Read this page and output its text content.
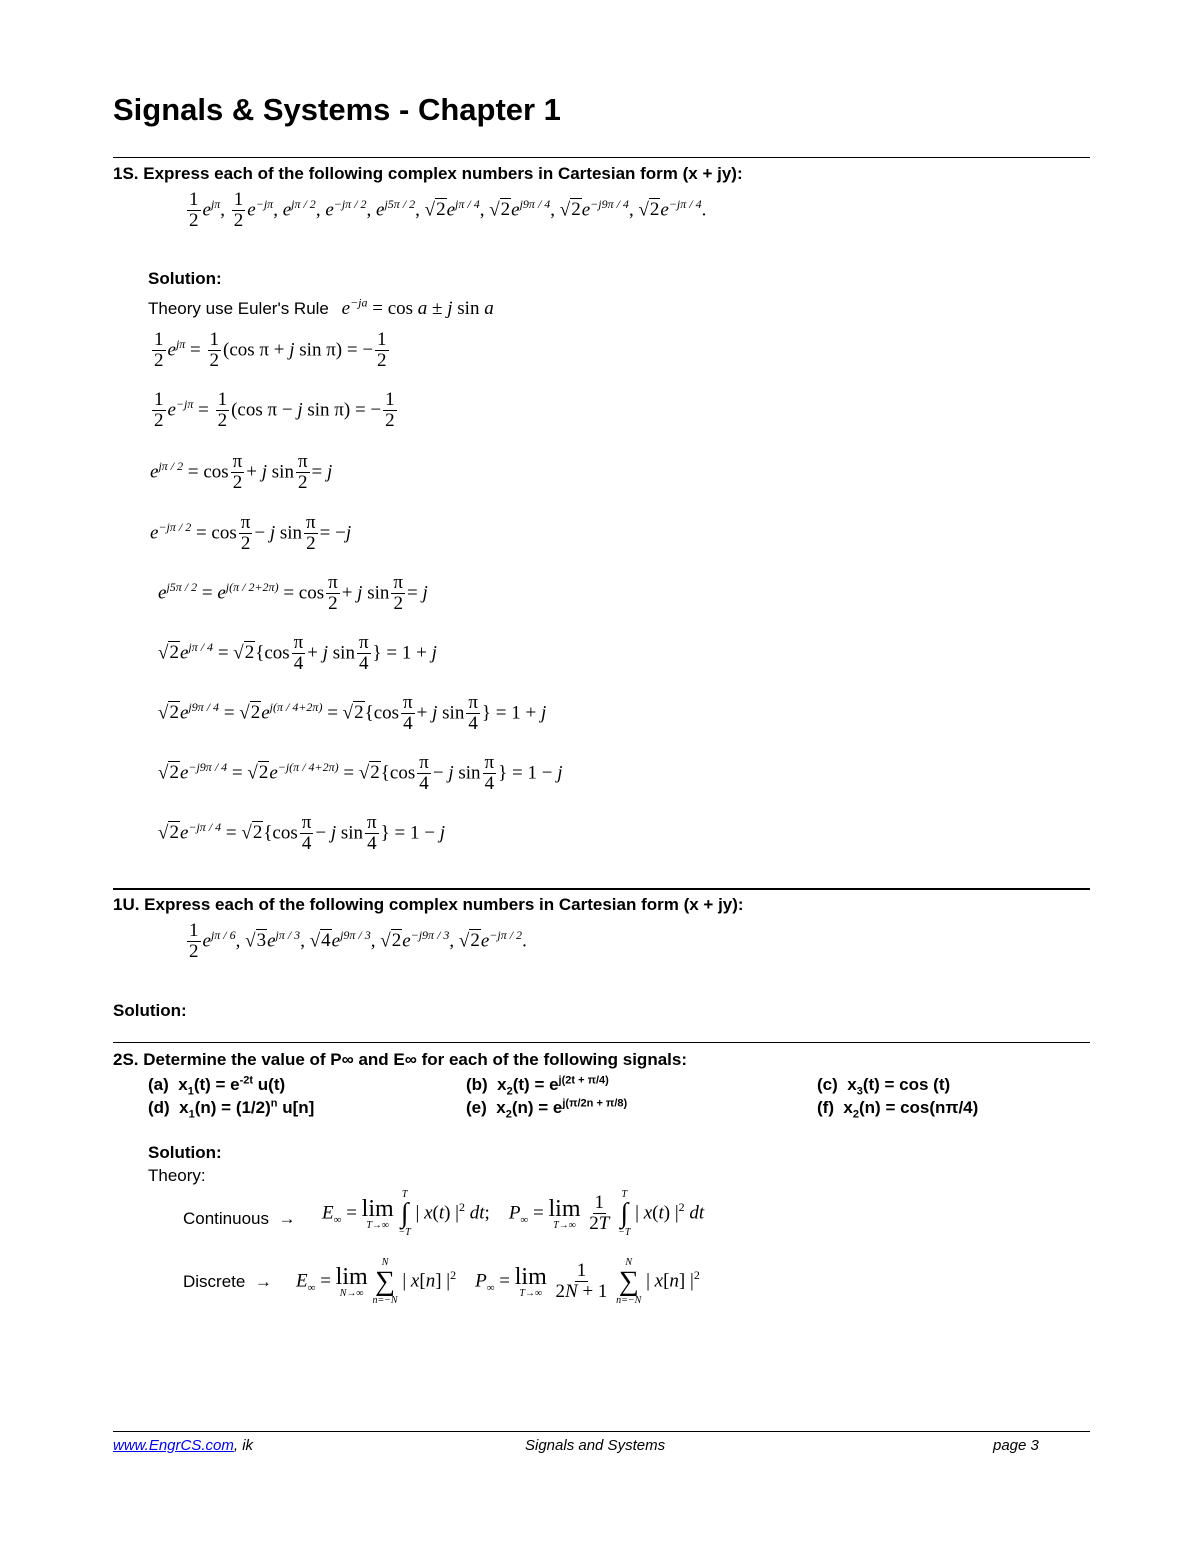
Signals & Systems - Chapter 1
1S. Express each of the following complex numbers in Cartesian form (x + jy):
$\frac{1}{2} e^{j\pi}$, $\frac{1}{2} e^{-j\pi}$, $e^{j\pi / 2}$, $e^{-j\pi / 2}$, $e^{j5\pi / 2}$, $√2e^{j\pi / 4}$, $√2e^{j9\pi / 4}$, $√2e^{-j9\pi / 4}$, $√2e^{-j\pi / 4}$.
Solution:
Theory use Euler's Rule $e^{-ja} = \cos a \pm j$ sin a
$\frac{1}{2} e^{j\pi} = \frac{1}{2} (\cos$ π + j sin π) = − $\frac{1}{2}$
$\frac{1}{2} e^{-j\pi} = \frac{1}{2} (\cos$ π − j sin π) = − $\frac{1}{2}$
$e^{j\pi / 2} = \cos \frac{\pi}{2} + j$ $\sin \frac{\pi}{2} = j$
$e^{-j\pi / 2} = \cos \frac{\pi}{2} - j$ $\sin \frac{\pi}{2} = -j$
$e^{j5\pi / 2} = e^{j(\pi / 2+2\pi)} = \cos \frac{\pi}{2} + j$ $\sin \frac{\pi}{2} = j$
$√2e^{j\pi / 4} = √2\{\cos \frac{\pi}{4} + j$ $\sin \frac{\pi}{4}$ } = 1 + j
$√2e^{j9\pi / 4} = √2e^{j(\pi / 4+2\pi)} = √2\{\cos \frac{\pi}{4} + j$ $\sin \frac{\pi}{4}$ } = 1 + j
$√2e^{-j9\pi / 4} = √2e^{-j(\pi / 4+2\pi)} = √2\{\cos \frac{\pi}{4} - j$ $\sin \frac{\pi}{4}$ } = 1 − j
$√2e^{-j\pi / 4} = √2\{\cos \frac{\pi}{4} - j$ $\sin \frac{\pi}{4}$ } = 1 − j
1U. Express each of the following complex numbers in Cartesian form (x + jy):
$\frac{1}{2} e^{j\pi / 6}$, $√3e^{j\pi / 3}$, $√4e^{j9\pi / 3}$, $√2e^{-j9\pi / 3}$, $√2e^{-j\pi / 2}$.
Solution:
2S. Determine the value of P∞ and E∞ for each of the following signals:
(a)  $x_1(t) = e^{-2t}$ u(t)	(b)  $x_2(t) = e^{j(2t + \pi/4)}$	(c)  $x_3(t) = \cos (t)$
(d)  $x_1(n) = (1/2)^n$ u[n]	(e)  $x_2(n) = e^{j(\pi/2n + \pi/8)}$	(f)  $x_2(n) = \cos(n\pi/4)$
Solution:
Theory:
Continuous → $E_\infty = \lim$
T→∞

T
∫
−T
| x(t) $|^2$ dt;    $P_\infty = \lim$
T→∞
$\frac{1}{2T}$
T
∫
−T
| x(t) $|^2$ dt
Discrete → $E_\infty = \lim$
N→∞

N
∑
n=−N
| x[n] $|^2$ $P_\infty = \lim$
T→∞
$\frac{1}{2N + 1}$
N
∑
n=−N
| x[n] $|^2$
www.EngrCS.com, ik	Signals and Systems	page 3
